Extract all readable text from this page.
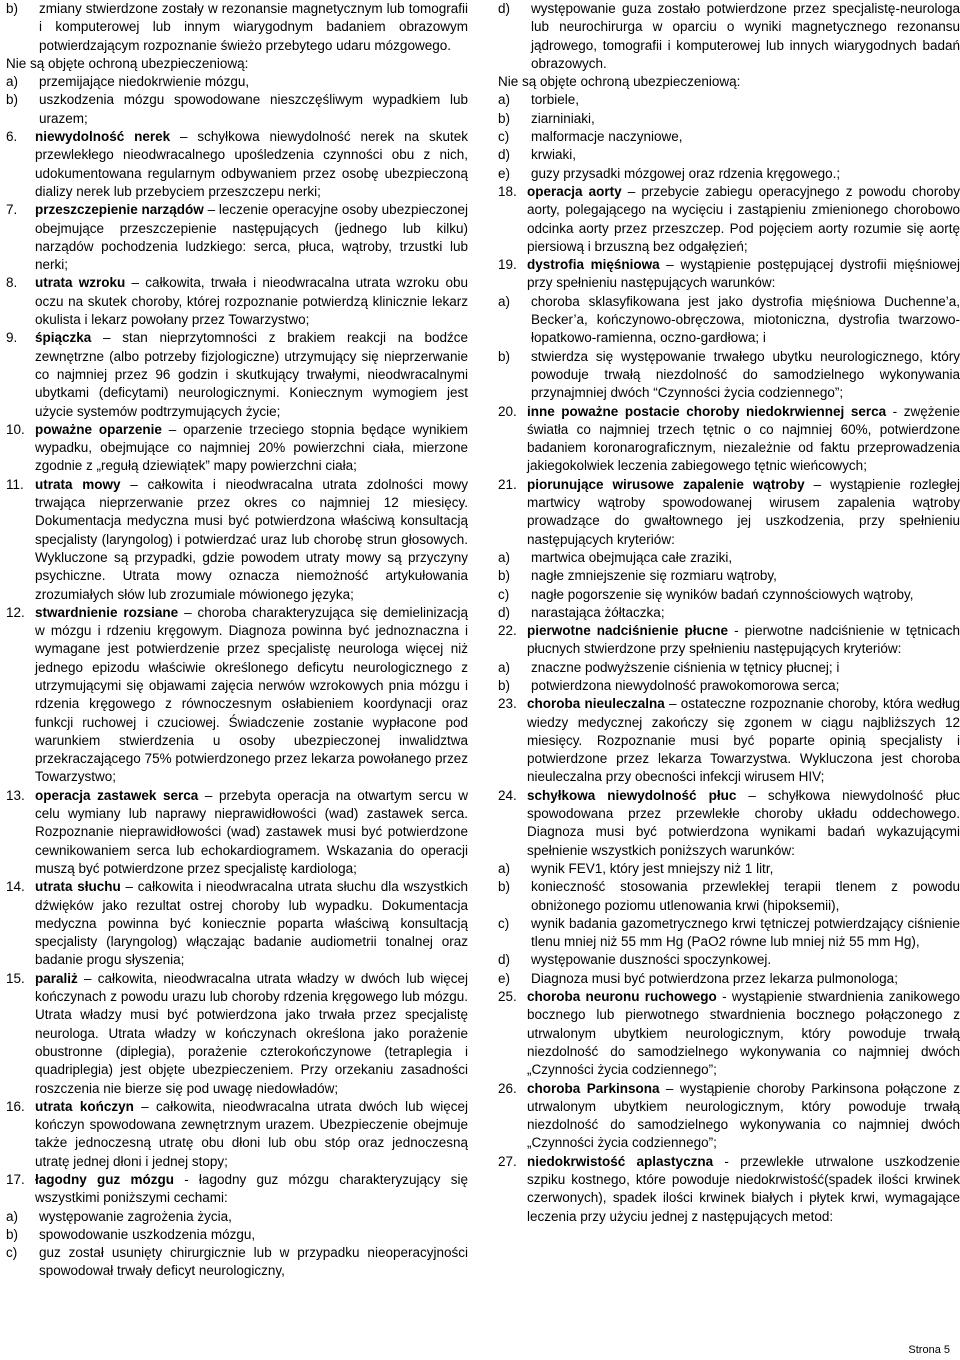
b) zmiany stwierdzone zostały w rezonansie magnetycznym lub tomografii i komputerowej lub innym wiarygodnym badaniem obrazowym potwierdzającym rozpoznanie świeżo przebytego udaru mózgowego.
Nie są objęte ochroną ubezpieczeniową:
a) przemijające niedokrwienie mózgu,
b) uszkodzenia mózgu spowodowane nieszczęśliwym wypadkiem lub urazem;
6. niewydolność nerek – schyłkowa niewydolność nerek na skutek przewlekłego nieodwracalnego upośledzenia czynności obu z nich, udokumentowana regularnym odbywaniem przez osobę ubezpieczoną dializy nerek lub przebyciem przeszczepu nerki;
7. przeszczepienie narządów – leczenie operacyjne osoby ubezpieczonej obejmujące przeszczepienie następujących (jednego lub kilku) narządów pochodzenia ludzkiego: serca, płuca, wątroby, trzustki lub nerki;
8. utrata wzroku – całkowita, trwała i nieodwracalna utrata wzroku obu oczu na skutek choroby, której rozpoznanie potwierdzą klinicznie lekarz okulista i lekarz powołany przez Towarzystwo;
9. śpiączka – stan nieprzytomności z brakiem reakcji na bodźce zewnętrzne (albo potrzeby fizjologiczne) utrzymujący się nieprzerwanie co najmniej przez 96 godzin i skutkujący trwałymi, nieodwracalnymi ubytkami (deficytami) neurologicznymi. Koniecznym wymogiem jest użycie systemów podtrzymujących życie;
10. poważne oparzenie – oparzenie trzeciego stopnia będące wynikiem wypadku, obejmujące co najmniej 20% powierzchni ciała, mierzone zgodnie z „regułą dziewiątek” mapy powierzchni ciała;
11. utrata mowy – całkowita i nieodwracalna utrata zdolności mowy trwająca nieprzerwanie przez okres co najmniej 12 miesięcy. Dokumentacja medyczna musi być potwierdzona właściwą konsultacją specjalisty (laryngolog) i potwierdzać uraz lub chorobę strun głosowych. Wykluczone są przypadki, gdzie powodem utraty mowy są przyczyny psychiczne. Utrata mowy oznacza niemożność artykułowania zrozumiałych słów lub zrozumiale mówionego języka;
12. stwardnienie rozsiane – choroba charakteryzująca się demielinizacją w mózgu i rdzeniu kręgowym. Diagnoza powinna być jednoznaczna i wymagane jest potwierdzenie przez specjalistę neurologa więcej niż jednego epizodu właściwie określonego deficytu neurologicznego z utrzymującymi się objawami zajęcia nerwów wzrokowych pnia mózgu i rdzenia kręgowego z równoczesnym osłabieniem koordynacji oraz funkcji ruchowej i czuciowej. Świadczenie zostanie wypłacone pod warunkiem stwierdzenia u osoby ubezpieczonej inwalidztwa przekraczającego 75% potwierdzonego przez lekarza powołanego przez Towarzystwo;
13. operacja zastawek serca – przebyta operacja na otwartym sercu w celu wymiany lub naprawy nieprawidłowości (wad) zastawek serca. Rozpoznanie nieprawidłowości (wad) zastawek musi być potwierdzone cewnikowaniem serca lub echokardiogramem. Wskazania do operacji muszą być potwierdzone przez specjalistę kardiologa;
14. utrata słuchu – całkowita i nieodwracalna utrata słuchu dla wszystkich dźwięków jako rezultat ostrej choroby lub wypadku. Dokumentacja medyczna powinna być koniecznie poparta właściwą konsultacją specjalisty (laryngolog) włączając badanie audiometrii tonalnej oraz badanie progu słyszenia;
15. paraliż – całkowita, nieodwracalna utrata władzy w dwóch lub więcej kończynach z powodu urazu lub choroby rdzenia kręgowego lub mózgu. Utrata władzy musi być potwierdzona jako trwała przez specjalistę neurologa. Utrata władzy w kończynach określona jako porażenie obustronne (diplegia), porażenie czterokończynowe (tetraplegia i quadriplegia) jest objęte ubezpieczeniem. Przy orzekaniu zasadności roszczenia nie bierze się pod uwagę niedowładów;
16. utrata kończyn – całkowita, nieodwracalna utrata dwóch lub więcej kończyn spowodowana zewnętrznym urazem. Ubezpieczenie obejmuje także jednoczesną utratę obu dłoni lub obu stóp oraz jednoczesną utratę jednej dłoni i jednej stopy;
17. łagodny guz mózgu - łagodny guz mózgu charakteryzujący się wszystkimi poniższymi cechami:
a) występowanie zagrożenia życia,
b) spowodowanie uszkodzenia mózgu,
c) guz został usunięty chirurgicznie lub w przypadku nieoperacyjności spowodował trwały deficyt neurologiczny,
d) występowanie guza zostało potwierdzone przez specjalistę-neurologa lub neurochirurga w oparciu o wyniki magnetycznego rezonansu jądrowego, tomografii i komputerowej lub innych wiarygodnych badań obrazowych.
Nie są objęte ochroną ubezpieczeniową:
a) torbiele,
b) ziarniniaki,
c) malformacje naczyniowe,
d) krwiaki,
e) guzy przysadki mózgowej oraz rdzenia kręgowego.;
18. operacja aorty – przebycie zabiegu operacyjnego z powodu choroby aorty, polegającego na wycięciu i zastąpieniu zmienionego chorobowo odcinka aorty przez przeszczep. Pod pojęciem aorty rozumie się aortę piersiową i brzuszną bez odgałęzień;
19. dystrofia mięśniowa – wystąpienie postępującej dystrofii mięśniowej przy spełnieniu następujących warunków:
a) choroba sklasyfikowana jest jako dystrofia mięśniowa Duchenne’a, Becker’a, kończynowo-obręczowa, miotoniczna, dystrofia twarzowo-łopatkowo-ramienna, oczno-gardłowa; i
b) stwierdza się występowanie trwałego ubytku neurologicznego, który powoduje trwałą niezdolność do samodzielnego wykonywania przynajmniej dwóch “Czynności życia codziennego”;
20. inne poważne postacie choroby niedokrwiennej serca - zwężenie światła co najmniej trzech tętnic o co najmniej 60%, potwierdzone badaniem koronarograficznym, niezależnie od faktu przeprowadzenia jakiegokolwiek leczenia zabiegowego tętnic wieńcowych;
21. piorunujące wirusowe zapalenie wątroby – wystąpienie rozległej martwicy wątroby spowodowanej wirusem zapalenia wątroby prowadzące do gwałtownego jej uszkodzenia, przy spełnieniu następujących kryteriów:
a) martwica obejmująca całe zraziki,
b) nagłe zmniejszenie się rozmiaru wątroby,
c) nagłe pogorszenie się wyników badań czynnościowych wątroby,
d) narastająca żółtaczka;
22. pierwotne nadciśnienie płucne - pierwotne nadciśnienie w tętnicach płucnych stwierdzone przy spełnieniu następujących kryteriów:
a) znaczne podwyższenie ciśnienia w tętnicy płucnej; i
b) potwierdzona niewydolność prawokomorowa serca;
23. choroba nieuleczalna – ostateczne rozpoznanie choroby, która według wiedzy medycznej zakończy się zgonem w ciągu najbliższych 12 miesięcy. Rozpoznanie musi być poparte opinią specjalisty i potwierdzone przez lekarza Towarzystwa. Wykluczona jest choroba nieuleczalna przy obecności infekcji wirusem HIV;
24. schyłkowa niewydolność płuc – schyłkowa niewydolność płuc spowodowana przez przewlekłe choroby układu oddechowego. Diagnoza musi być potwierdzona wynikami badań wykazującymi spełnienie wszystkich poniższych warunków:
a) wynik FEV1, który jest mniejszy niż 1 litr,
b) konieczność stosowania przewlekłej terapii tlenem z powodu obniżonego poziomu utlenowania krwi (hipoksemii),
c) wynik badania gazometrycznego krwi tętniczej potwierdzający ciśnienie tlenu mniej niż 55 mm Hg (PaO2 równe lub mniej niż 55 mm Hg),
d) występowanie duszności spoczynkowej.
e) Diagnoza musi być potwierdzona przez lekarza pulmonologa;
25. choroba neuronu ruchowego - wystąpienie stwardnienia zanikowego bocznego lub pierwotnego stwardnienia bocznego połączonego z utrwalonym ubytkiem neurologicznym, który powoduje trwałą niezdolność do samodzielnego wykonywania co najmniej dwóch „Czynności życia codziennego”;
26. choroba Parkinsona – wystąpienie choroby Parkinsona połączone z utrwalonym ubytkiem neurologicznym, który powoduje trwałą niezdolność do samodzielnego wykonywania co najmniej dwóch „Czynności życia codziennego”;
27. niedokrwistość aplastyczna - przewlekłe utrwalone uszkodzenie szpiku kostnego, które powoduje niedokrwistość(spadek ilości krwinek czerwonych), spadek ilości krwinek białych i płytek krwi, wymagające leczenia przy użyciu jednej z następujących metod:
Strona 5
